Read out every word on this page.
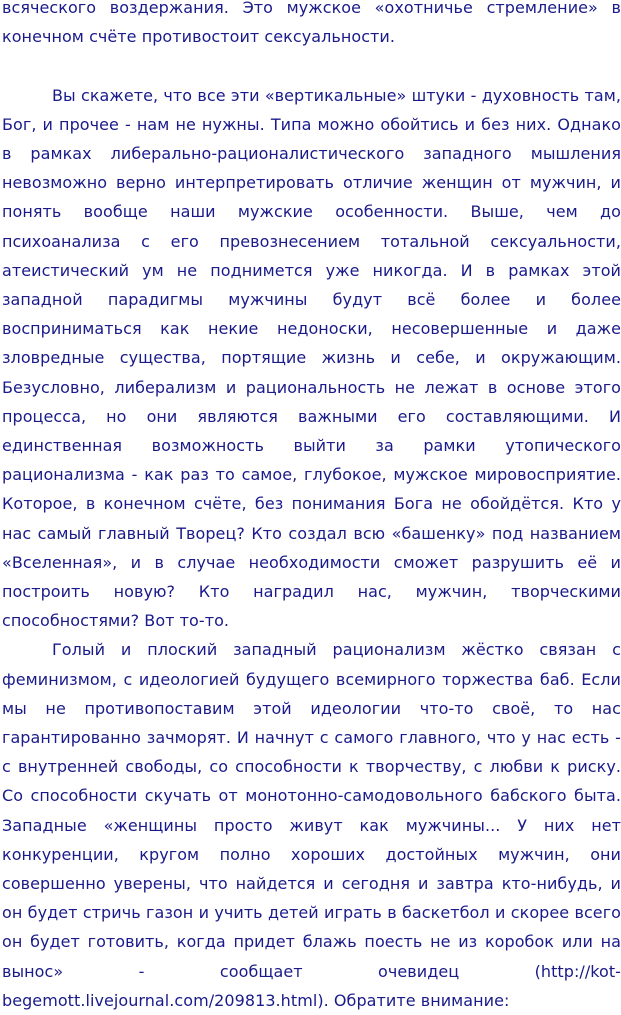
всяческого воздержания. Это мужское «охотничье стремление» в конечном счёте противостоит сексуальности.

Вы скажете, что все эти «вертикальные» штуки - духовность там, Бог, и прочее - нам не нужны. Типа можно обойтись и без них. Однако в рамках либерально-рационалистического западного мышления невозможно верно интерпретировать отличие женщин от мужчин, и понять вообще наши мужские особенности. Выше, чем до психоанализа с его превознесением тотальной сексуальности, атеистический ум не поднимется уже никогда. И в рамках этой западной парадигмы мужчины будут всё более и более восприниматься как некие недоноски, несовершенные и даже зловредные существа, портящие жизнь и себе, и окружающим. Безусловно, либерализм и рациональность не лежат в основе этого процесса, но они являются важными его составляющими. И единственная возможность выйти за рамки утопического рационализма - как раз то самое, глубокое, мужское мировосприятие. Которое, в конечном счёте, без понимания Бога не обойдётся. Кто у нас самый главный Творец? Кто создал всю «башенку» под названием «Вселенная», и в случае необходимости сможет разрушить её и построить новую? Кто наградил нас, мужчин, творческими способностями? Вот то-то.

Голый и плоский западный рационализм жёстко связан с феминизмом, с идеологией будущего всемирного торжества баб. Если мы не противопоставим этой идеологии что-то своё, то нас гарантированно зачморят. И начнут с самого главного, что у нас есть - с внутренней свободы, со способности к творчеству, с любви к риску. Со способности скучать от монотонно-самодовольного бабского быта. Западные «женщины просто живут как мужчины... У них нет конкуренции, кругом полно хороших достойных мужчин, они совершенно уверены, что найдется и сегодня и завтра кто-нибудь, и он будет стричь газон и учить детей играть в баскетбол и скорее всего он будет готовить, когда придет блажь поесть не из коробок или на вынос» - сообщает очевидец (http://kot-begemott.livejournal.com/209813.html). Обратите внимание:
